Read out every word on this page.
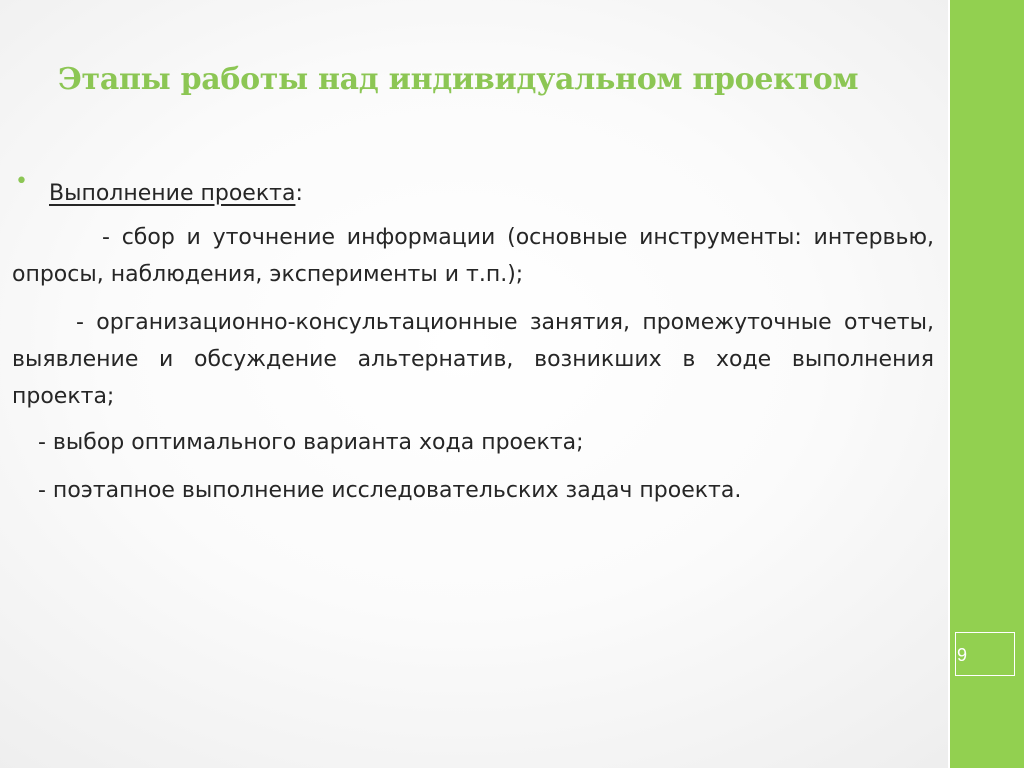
Этапы работы над индивидуальном проектом
• Выполнение проекта:

- сбор и уточнение информации (основные инструменты: интервью, опросы, наблюдения, эксперименты и т.п.);

- организационно-консультационные занятия, промежуточные отчеты, выявление и обсуждение альтернатив, возникших в ходе выполнения проекта;

- выбор оптимального варианта хода проекта;

- поэтапное выполнение исследовательских задач проекта.

9
